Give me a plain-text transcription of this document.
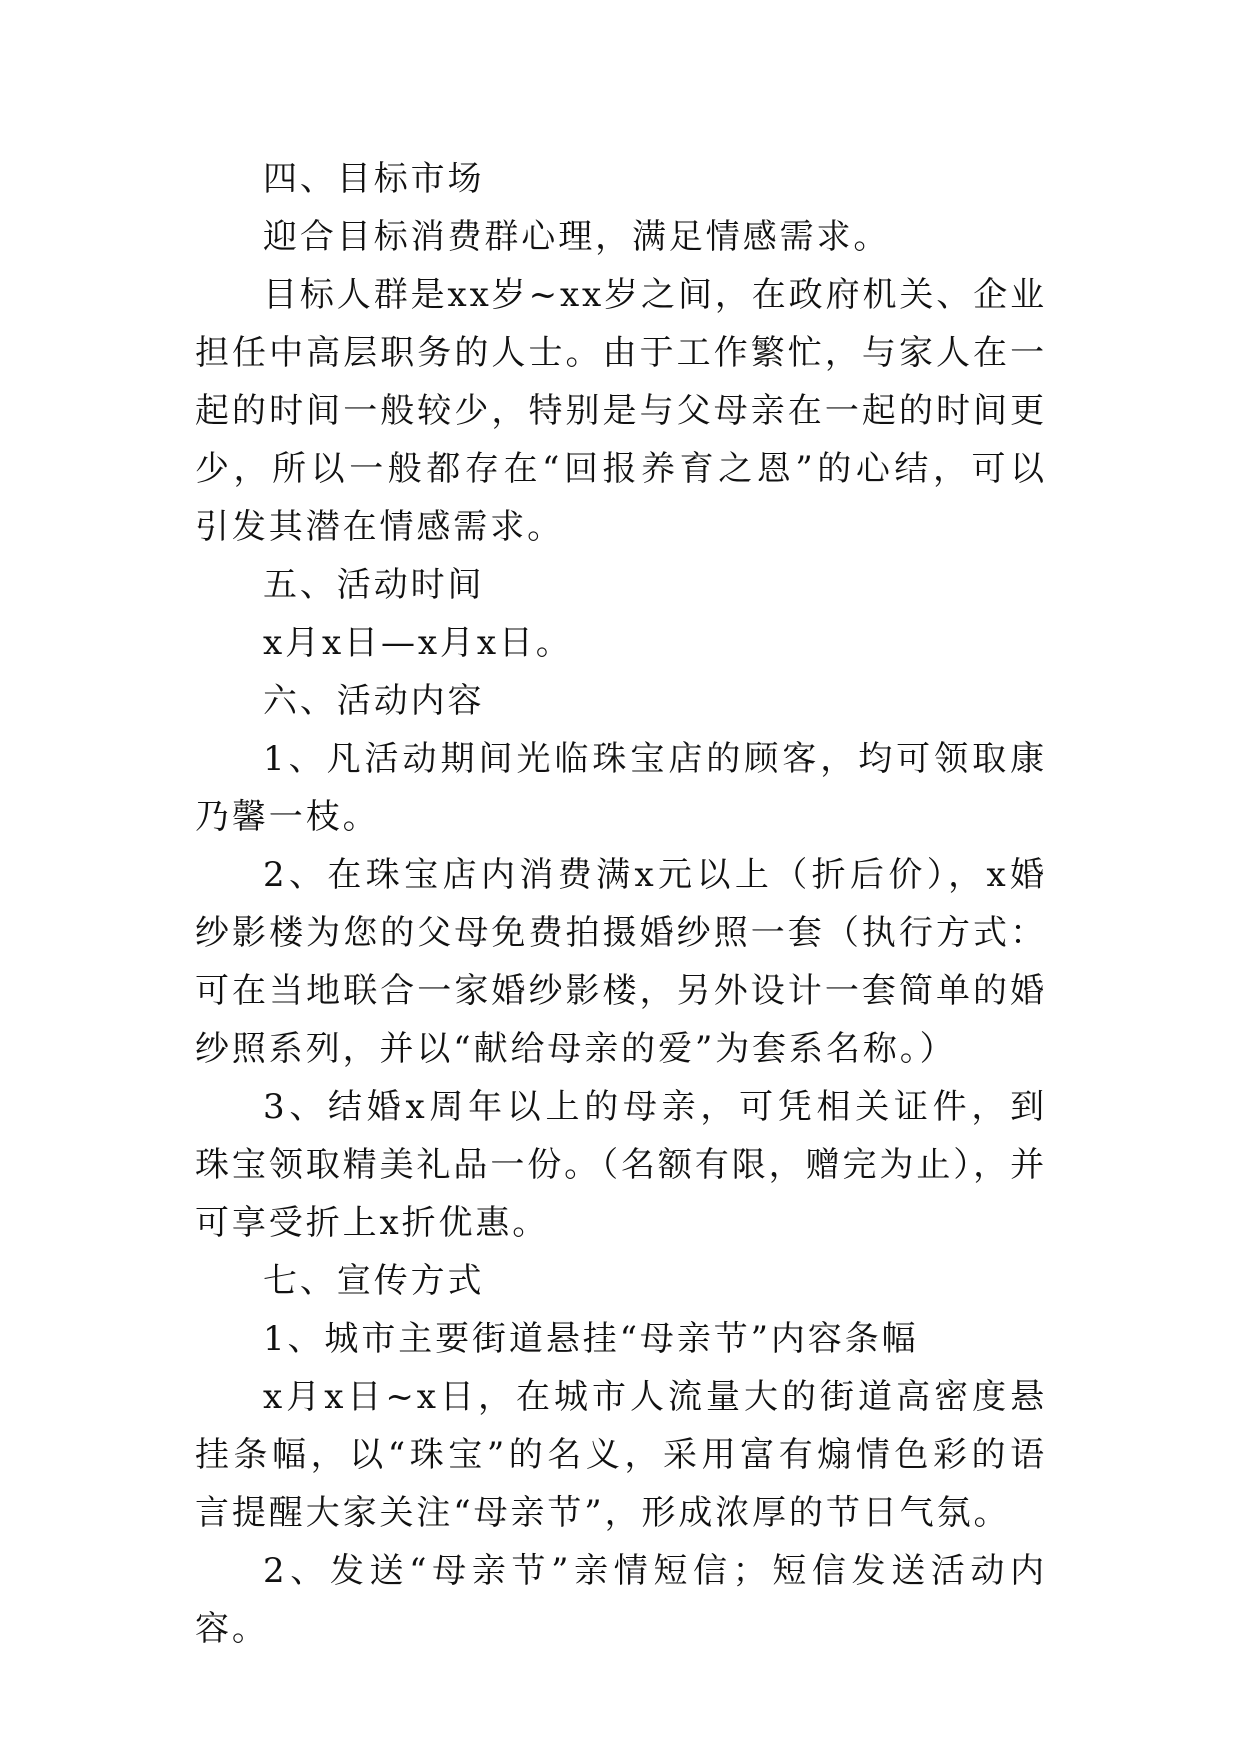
四、目标市场

迎合目标消费群心理，满足情感需求。

目标人群是xx岁~xx岁之间，在政府机关、企业担任中高层职务的人士。由于工作繁忙，与家人在一起的时间一般较少，特别是与父母亲在一起的时间更少，所以一般都存在“回报养育之恩”的心结，可以引发其潜在情感需求。

五、活动时间

x月x日—x月x日。

六、活动内容

1、凡活动期间光临珠宝店的顾客，均可领取康乃馨一枝。

2、在珠宝店内消费满x元以上（折后价），x婚纱影楼为您的父母免费拍摄婚纱照一套（执行方式：可在当地联合一家婚纱影楼，另外设计一套简单的婚纱照系列，并以“献给母亲的爱”为套系名称。）

3、结婚x周年以上的母亲，可凭相关证件，到珠宝领取精美礼品一份。（名额有限，赠完为止），并可享受折上x折优惠。

七、宣传方式

1、城市主要街道悬挂“母亲节”内容条幅

x月x日~x日，在城市人流量大的街道高密度悬挂条幅，以“珠宝”的名义，采用富有煽情色彩的语言提醒大家关注“母亲节”，形成浓厚的节日气氛。

2、发送“母亲节”亲情短信；短信发送活动内容。
